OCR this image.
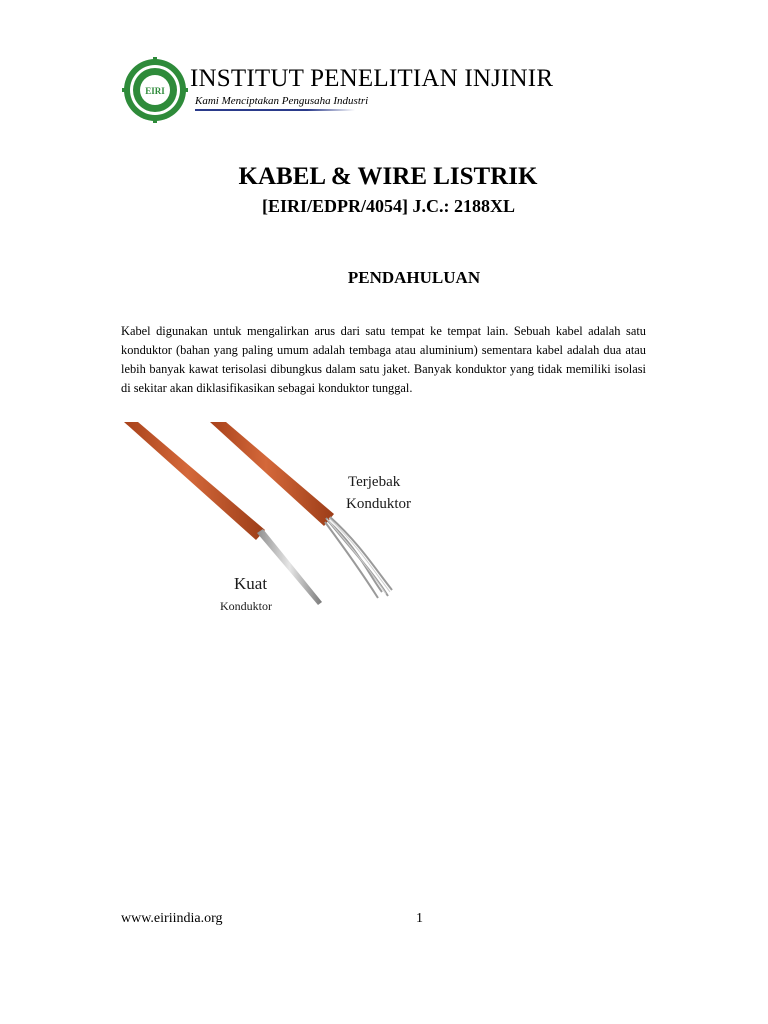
EIRI INSTITUT PENELITIAN INJINIR
Kami Menciptakan Pengusaha Industri
KABEL & WIRE LISTRIK
[EIRI/EDPR/4054] J.C.: 2188XL
PENDAHULUAN
Kabel digunakan untuk mengalirkan arus dari satu tempat ke tempat lain. Sebuah kabel adalah satu konduktor (bahan yang paling umum adalah tembaga atau aluminium) sementara kabel adalah dua atau lebih banyak kawat terisolasi dibungkus dalam satu jaket. Banyak konduktor yang tidak memiliki isolasi di sekitar akan diklasifikasikan sebagai konduktor tunggal.
Terjebak
Konduktor
Kuat
Konduktor
www.eiriindia.org	1
